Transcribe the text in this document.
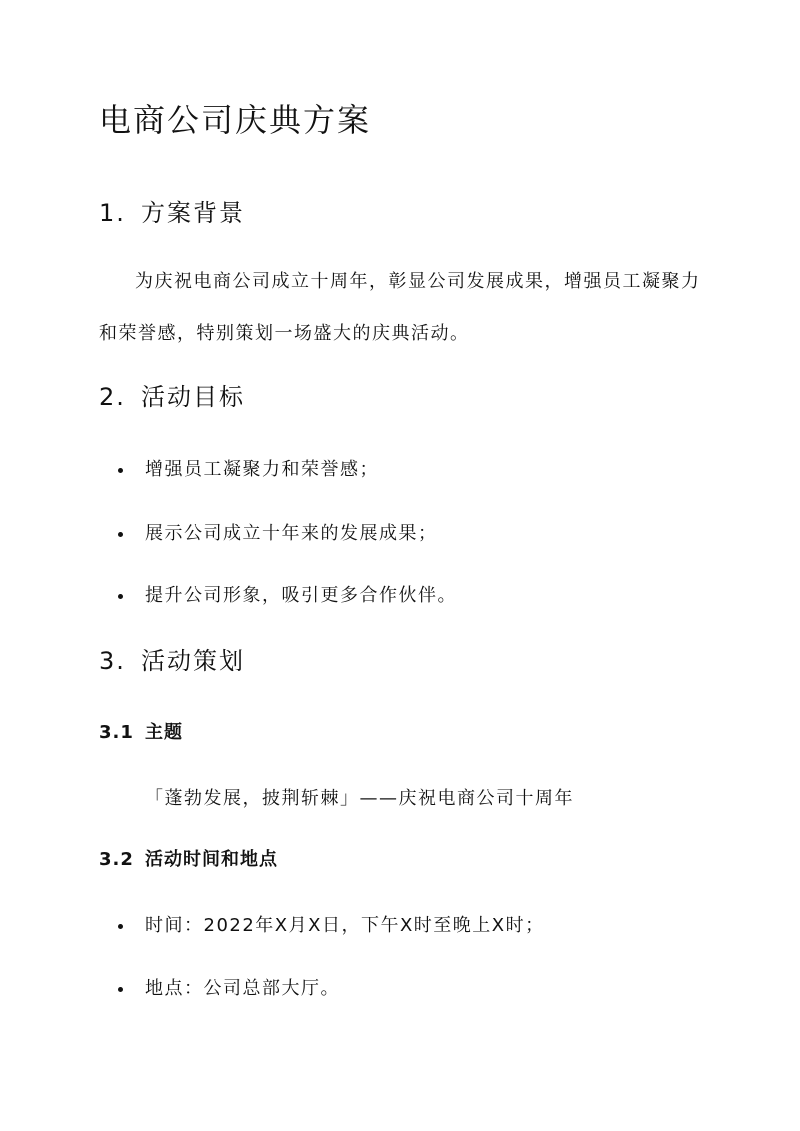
电商公司庆典方案
1. 方案背景

为庆祝电商公司成立十周年，彰显公司发展成果，增强员工凝聚力和荣誉感，特别策划一场盛大的庆典活动。

2. 活动目标
增强员工凝聚力和荣誉感；
展示公司成立十年来的发展成果；
提升公司形象，吸引更多合作伙伴。
3. 活动策划
3.1 主题

「蓬勃发展，披荆斩棘」——庆祝电商公司十周年

3.2 活动时间和地点
时间：2022年X月X日，下午X时至晚上X时；
地点：公司总部大厅。
